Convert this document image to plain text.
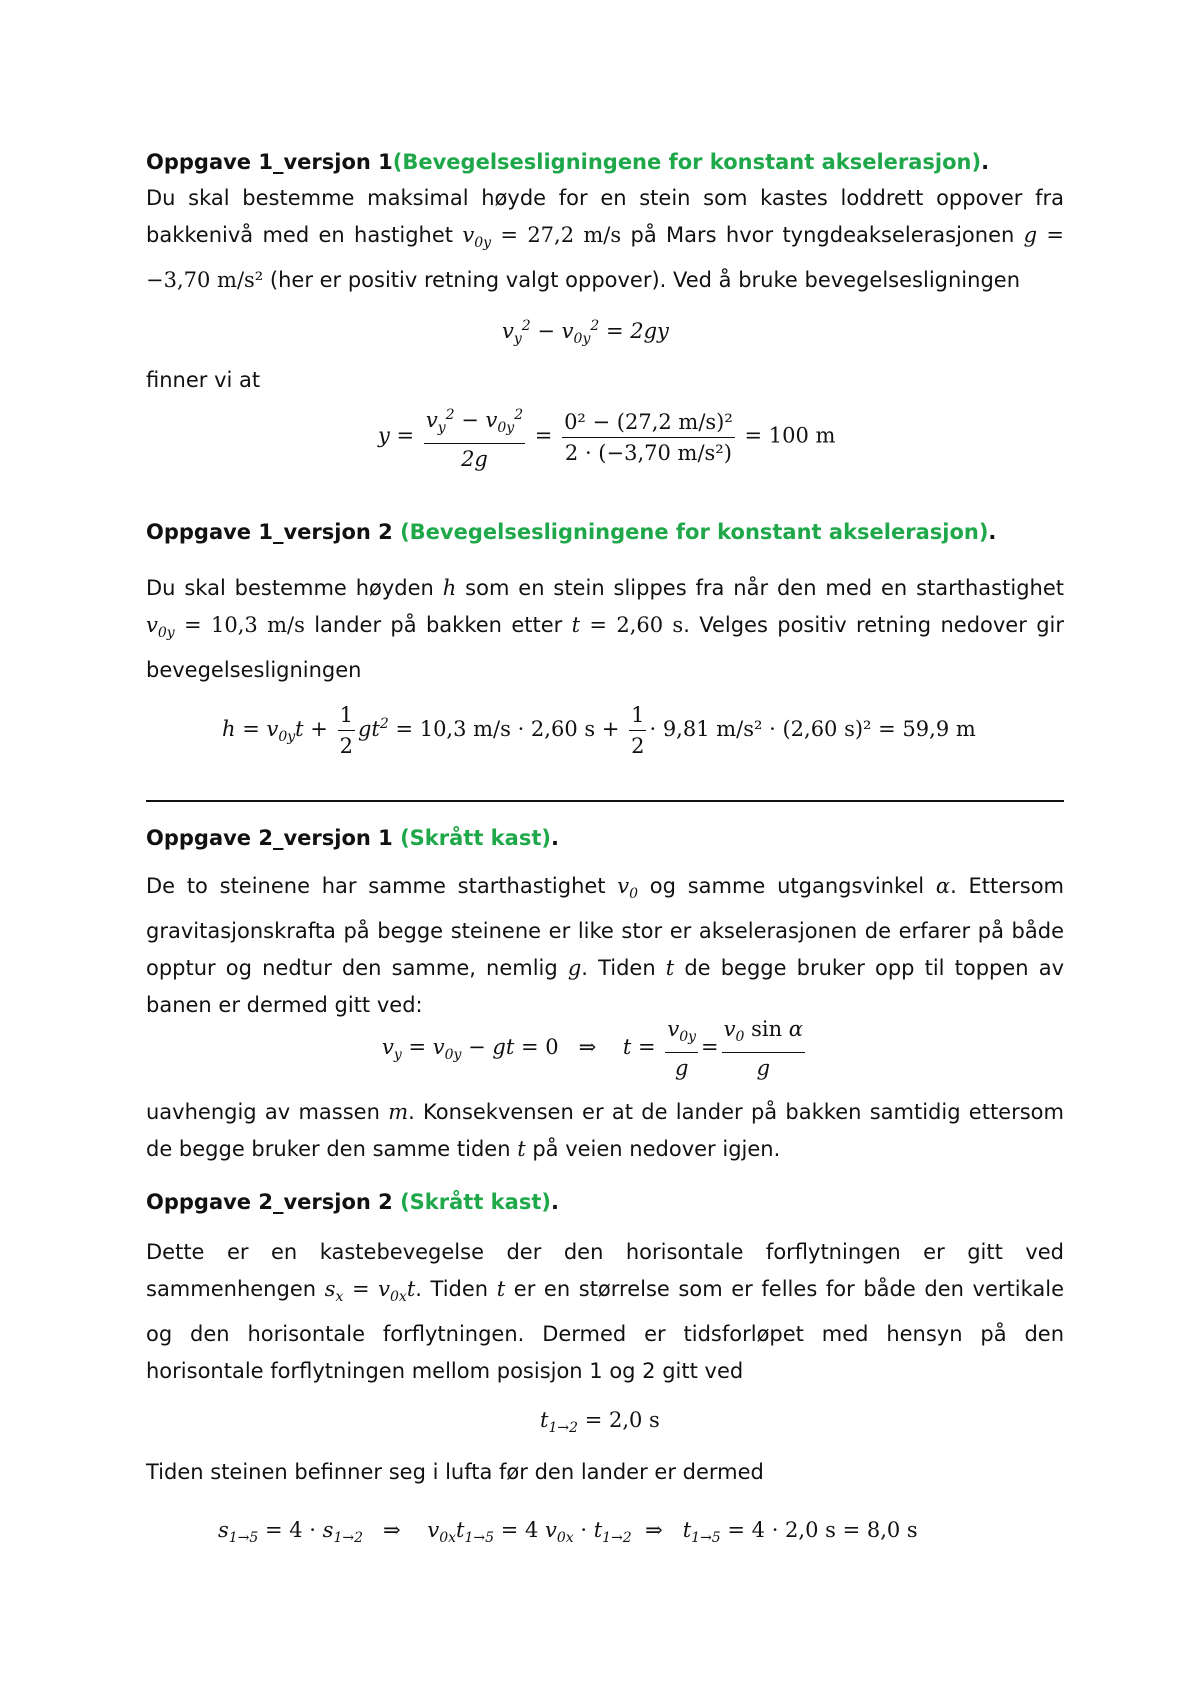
Oppgave 1_versjon 1(Bevegelsesligningene for konstant akselerasjon).
Du skal bestemme maksimal høyde for en stein som kastes loddrett oppover fra bakkenivå med en hastighet $v_{0y} = 27,2$ m/s på Mars hvor tyngdeakselerasjonen g = −3,70 m/s² (her er positiv retning valgt oppover). Ved å bruke bevegelsesligningen
$v_y^2 - v_{0y}^2 = 2gy$
finner vi at
$y = \frac{v_y^2 - v_{0y}^2}{2g} = \frac{\text{0² − (27,2 m/s)²}}{\text{2 · (−3,70 m/s²)}} = 100$ m
Oppgave 1_versjon 2 (Bevegelsesligningene for konstant akselerasjon).
Du skal bestemme høyden h som en stein slippes fra når den med en starthastighet $v_{0y} = 10,3$ m/s lander på bakken etter t = 2,60 s. Velges positiv retning nedover gir bevegelsesligningen
$h = v_{0y}t + \frac{1}{2} gt^2 = 10,3$ m/s · 2,60 $s + \frac{1}{2} \cdot 9,81$ m/s² · (2,60 s)² = 59,9 m
Oppgave 2_versjon 1 (Skrått kast).
De to steinene har samme starthastighet $v_0$ og samme utgangsvinkel α. Ettersom gravitasjonskrafta på begge steinene er like stor er akselerasjonen de erfarer på både opptur og nedtur den samme, nemlig g. Tiden t de begge bruker opp til toppen av banen er dermed gitt ved:
$v_y = v_{0y}$ − gt = 0   ⇒    $t = \frac{v_{0y}}{g} = \frac{v_0 \sin \alpha}{g}$
uavhengig av massen m. Konsekvensen er at de lander på bakken samtidig ettersom de begge bruker den samme tiden t på veien nedover igjen.
Oppgave 2_versjon 2 (Skrått kast).
Dette er en kastebevegelse der den horisontale forflytningen er gitt ved sammenhengen $s_x = v_{0x}t$. Tiden t er en størrelse som er felles for både den vertikale og den horisontale forflytningen. Dermed er tidsforløpet med hensyn på den horisontale forflytningen mellom posisjon 1 og 2 gitt ved
$t_{1\to 2} = 2,0$ s
Tiden steinen befinner seg i lufta før den lander er dermed
$s_{1\to 5} = 4 \cdot s_{1\to 2}$   ⇒    $v_{0x}t_{1\to 5} = 4$ $v_{0x} \cdot t_{1\to 2}$  ⇒   $t_{1\to 5} = 4 \cdot 2,0$ s = 8,0 s
